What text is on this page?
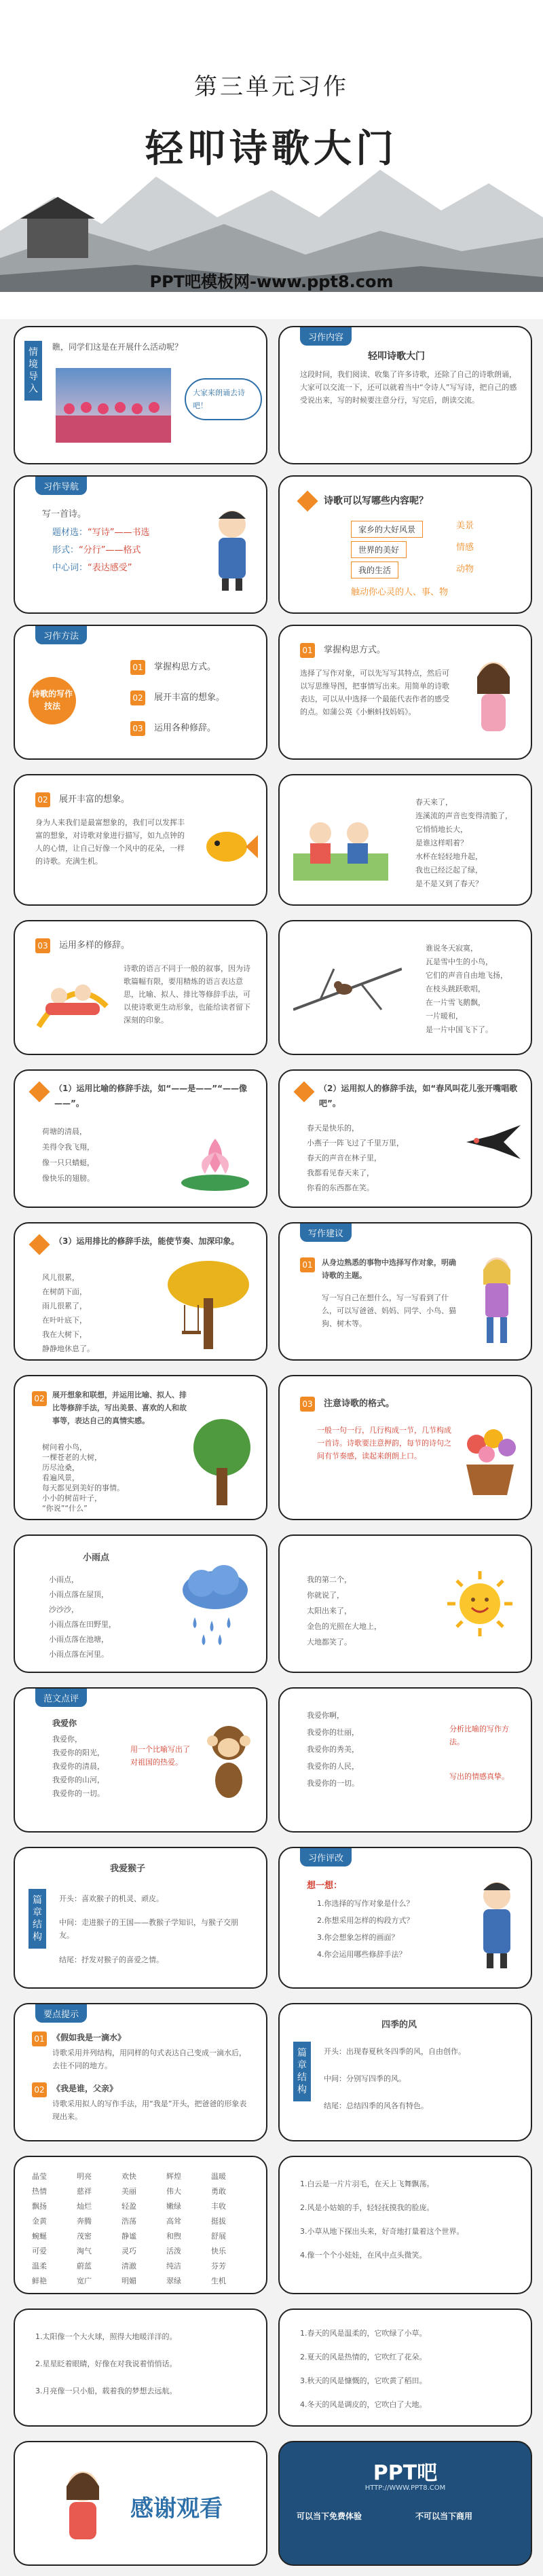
第三单元习作
轻叩诗歌大门
PPT吧模板网-www.ppt8.com
情境导入
瞧，同学们这是在开展什么活动呢？
大家来朗诵去诗吧！
习作内容
轻叩诗歌大门
这段时间，我们阅读、收集了许多诗歌，还除了自己的诗歌朗诵，大家可以交流一下，还可以就着当中“令诗人”写写诗，把自己的感受说出来，写的时候要注意分行，写完后，朗读交流。
习作导航
写一首诗。
题材选：“写诗”——书选
形式：“分行”——格式
中心词：“表达感受”
诗歌可以写哪些内容呢？
家乡的大好风景
世界的美好
我的生活
美景
情感
动物
触动你心灵的人、事、物
习作方法
诗歌的写作技法
01 掌握构思方式。
02 展开丰富的想象。
03 运用各种修辞。
01 掌握构思方式。
选择了写作对象，可以先写写其特点，然后可以写思维导图，把事情写出来。用简单的诗歌表达，可以从中选择一个最能代表作者的感受的点。如蒲公英《小蝌蚪找妈妈》。
02 展开丰富的想象。
身为人来我们是最富想象的，我们可以发挥丰富的想象，对诗歌对象进行描写，如九点钟的人的心情，让自己好像一个风中的花朵，一样的诗歌。充满生机。
春天来了，
连溪流的声音也变得清脆了，
它悄悄地长大，
是谁这样唱着？
水杯在轻轻地升起，
我也已经泛起了绿，
是不是又到了春天？
03 运用多样的修辞。
诗歌的语言不同于一般的叙事，因为诗歌篇幅有限，要用精炼的语言表达意思，比喻、拟人、排比等修辞手法，可以使诗歌更生动形象，也能给读者留下深刻的印象。
谁说冬天寂寞，
瓦是雪中生的小鸟，
它们的声音自由地飞扬，
在枝头跳跃歌唱，
在一片雪飞鹅飘，
一片暖和，
是一片中国飞下了。
（1）运用比喻的修辞手法，如“——是——”“——像——”。
荷塘的清晨，
美得令我飞翔，
像一只只蜻蜓，
像快乐的翅膀。
（2）运用拟人的修辞手法，如“春风叫花儿张开嘴唱歌吧”。
春天是快乐的，
小燕子一阵飞过了千里万里，
春天的声音在林子里，
我都看见春天来了，
你看的东西都在笑。
（3）运用排比的修辞手法，能使节奏、加深印象。
风儿很累，
在树荫下面，
雨儿很累了，
在叶叶底下，
我在大树下，
静静地休息了。
写作建议
01	从身边熟悉的事物中选择写作对象，明确诗歌的主题。
写一写自己在想什么，写一写看到了什么，可以写爸爸、妈妈、同学、小鸟、猫狗、树木等。
02	展开想象和联想，并运用比喻、拟人、排比等修辞手法，写出美景、喜欢的人和故事等，表达自己的真情实感。
树问着小鸟，
一棵苍老的大树，
历尽沧桑，
看遍风景，
每天都见到美好的事情。
小小的树苗叶子，
“你说”“什么”
03 注意诗歌的格式。
一般一句一行，几行构成一节，几节构成一首诗。诗歌要注意押韵，每节的诗句之间有节奏感，读起来朗朗上口。
小雨点
小雨点，
小雨点落在屋顶，
沙沙沙，
小雨点落在田野里，
小雨点落在池塘，
小雨点落在河里。
我的第二个，
你就说了，
太阳出来了，
金色的光照在大地上，
大地都笑了。
范文点评
我爱你
我爱你，
我爱你的阳光，
我爱你的清晨，
我爱你的山河，
我爱你的一切。
用一个比喻写出了对祖国的热爱。
我爱你啊，
我爱你的壮丽，
我爱你的秀美，
我爱你的人民，
我爱你的一切。
分析比喻的写作方法。
写出的情感真挚。
我爱猴子
篇章结构
开头：喜欢猴子的机灵、顽皮。
中间：走进猴子的王国——教猴子学知识，与猴子交朋友。
结尾：抒发对猴子的喜爱之情。
习作评改
想一想：
1.你选择的写作对象是什么？
2.你想采用怎样的构段方式？
3.你会想象怎样的画面？
4.你会运用哪些修辞手法？
要点提示
01 《假如我是一滴水》
诗歌采用并列结构，用同样的句式表达自己变成一滴水后，去往不同的地方。
02 《我是谁，父亲》
诗歌采用拟人的写作手法，用“我是”开头，把爸爸的形象表现出来。
四季的风
篇章结构
开头：出现春夏秋冬四季的风，自由创作。
中间：分别写四季的风。
结尾：总结四季的风各有特色。
晶莹	明亮	欢快	辉煌	温暖
热情	慈祥	美丽	伟大	勇敢
飘扬	灿烂	轻盈	嫩绿	丰收
金黄	奔腾	浩荡	高耸	挺拔
蜿蜒	茂密	静谧	和煦	舒展
可爱	淘气	灵巧	活泼	快乐
温柔	蔚蓝	清澈	纯洁	芬芳
鲜艳	宽广	明媚	翠绿	生机
1.白云是一片片羽毛，在天上飞舞飘荡。
2.风是小姑娘的手，轻轻抚摸我的脸庞。
3.小草从地下探出头来，好奇地打量着这个世界。
4.像一个个小娃娃，在风中点头微笑。
1.太阳像一个大火球，照得大地暖洋洋的。
2.星星眨着眼睛，好像在对我说着悄悄话。
3.月亮像一只小船，载着我的梦想去远航。
1.春天的风是温柔的，它吹绿了小草。
2.夏天的风是热情的，它吹红了花朵。
3.秋天的风是慷慨的，它吹黄了稻田。
4.冬天的风是调皮的，它吹白了大地。
感谢观看
PPT吧
HTTP://WWW.PPT8.COM
可以当下免费体验	不可以当下商用
